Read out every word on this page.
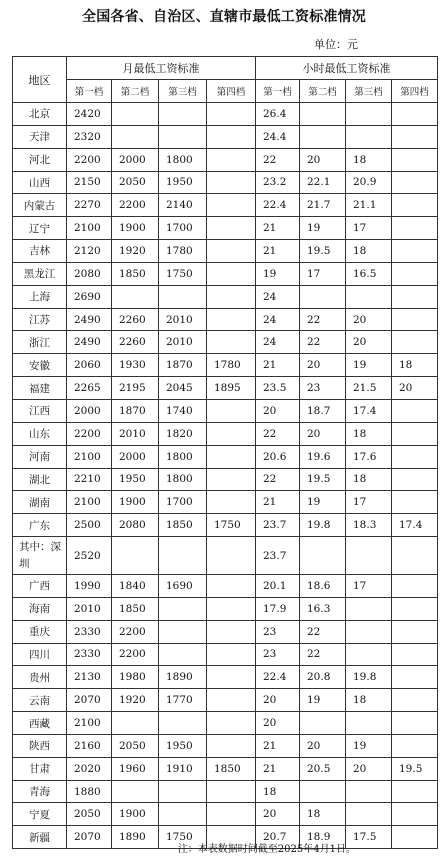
全国各省、自治区、直辖市最低工资标准情况
单位：元
地区	月最低工资标准				小时最低工资标准			
	第一档	第二档	第三档	第四档	第一档	第二档	第三档	第四档
北京	2420				26.4			
天津	2320				24.4			
河北	2200	2000	1800		22	20	18	
山西	2150	2050	1950		23.2	22.1	20.9	
内蒙古	2270	2200	2140		22.4	21.7	21.1	
辽宁	2100	1900	1700		21	19	17	
吉林	2120	1920	1780		21	19.5	18	
黑龙江	2080	1850	1750		19	17	16.5	
上海	2690				24			
江苏	2490	2260	2010		24	22	20	
浙江	2490	2260	2010		24	22	20	
安徽	2060	1930	1870	1780	21	20	19	18
福建	2265	2195	2045	1895	23.5	23	21.5	20
江西	2000	1870	1740		20	18.7	17.4	
山东	2200	2010	1820		22	20	18	
河南	2100	2000	1800		20.6	19.6	17.6	
湖北	2210	1950	1800		22	19.5	18	
湖南	2100	1900	1700		21	19	17	
广东	2500	2080	1850	1750	23.7	19.8	18.3	17.4
其中：深圳	2520				23.7			
广西	1990	1840	1690		20.1	18.6	17	
海南	2010	1850			17.9	16.3		
重庆	2330	2200			23	22		
四川	2330	2200			23	22		
贵州	2130	1980	1890		22.4	20.8	19.8	
云南	2070	1920	1770		20	19	18	
西藏	2100				20			
陕西	2160	2050	1950		21	20	19	
甘肃	2020	1960	1910	1850	21	20.5	20	19.5
青海	1880				18			
宁夏	2050	1900			20	18		
新疆	2070	1890	1750		20.7	18.9	17.5	
注：本表数据时间截至2025年4月1日。
